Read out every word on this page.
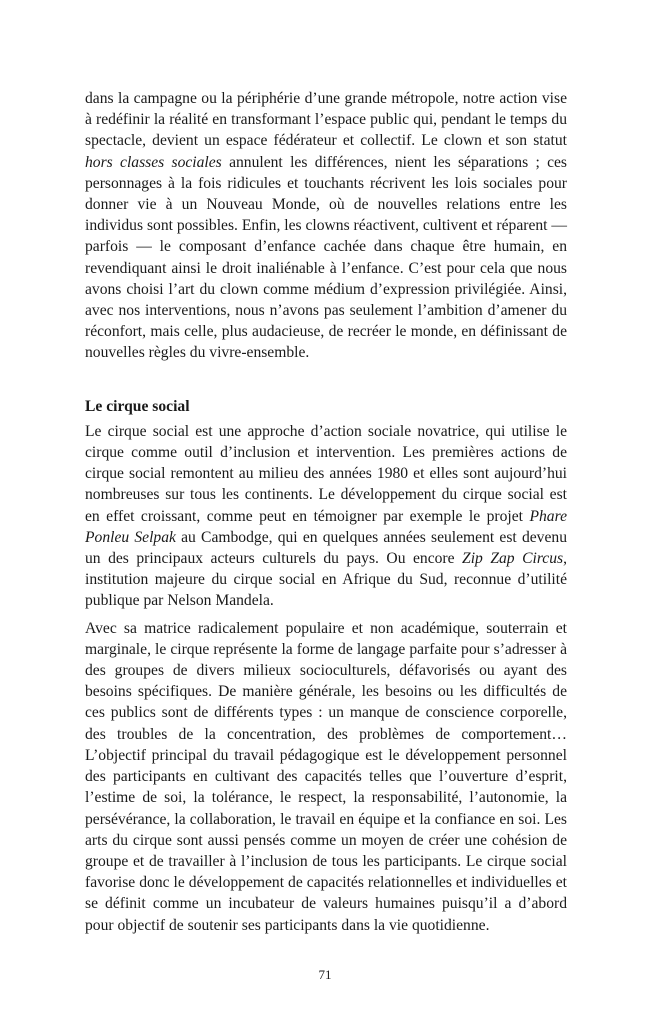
dans la campagne ou la périphérie d’une grande métropole, notre action vise à redéfinir la réalité en transformant l’espace public qui, pendant le temps du spectacle, devient un espace fédérateur et collectif. Le clown et son statut hors classes sociales annulent les différences, nient les séparations ; ces personnages à la fois ridicules et touchants récrivent les lois sociales pour donner vie à un Nouveau Monde, où de nouvelles relations entre les individus sont possibles. Enfin, les clowns réactivent, cultivent et réparent — parfois — le composant d’enfance cachée dans chaque être humain, en revendiquant ainsi le droit inaliénable à l’enfance. C’est pour cela que nous avons choisi l’art du clown comme médium d’expression privilégiée. Ainsi, avec nos interventions, nous n’avons pas seulement l’ambition d’amener du réconfort, mais celle, plus audacieuse, de recréer le monde, en définissant de nouvelles règles du vivre-ensemble.

Le cirque social

Le cirque social est une approche d’action sociale novatrice, qui utilise le cirque comme outil d’inclusion et intervention. Les premières actions de cirque social remontent au milieu des années 1980 et elles sont aujourd’hui nombreuses sur tous les continents. Le développement du cirque social est en effet croissant, comme peut en témoigner par exemple le projet Phare Ponleu Selpak au Cambodge, qui en quelques années seulement est devenu un des principaux acteurs culturels du pays. Ou encore Zip Zap Circus, institution majeure du cirque social en Afrique du Sud, reconnue d’utilité publique par Nelson Mandela.

Avec sa matrice radicalement populaire et non académique, souterrain et marginale, le cirque représente la forme de langage parfaite pour s’adresser à des groupes de divers milieux socioculturels, défavorisés ou ayant des besoins spécifiques. De manière générale, les besoins ou les difficultés de ces publics sont de différents types : un manque de conscience corporelle, des troubles de la concentration, des problèmes de comportement… L’objectif principal du travail pédagogique est le développement personnel des participants en cultivant des capacités telles que l’ouverture d’esprit, l’estime de soi, la tolérance, le respect, la responsabilité, l’autonomie, la persévérance, la collaboration, le travail en équipe et la confiance en soi. Les arts du cirque sont aussi pensés comme un moyen de créer une cohésion de groupe et de travailler à l’inclusion de tous les participants. Le cirque social favorise donc le développement de capacités relationnelles et individuelles et se définit comme un incubateur de valeurs humaines puisqu’il a d’abord pour objectif de soutenir ses participants dans la vie quotidienne.

71
